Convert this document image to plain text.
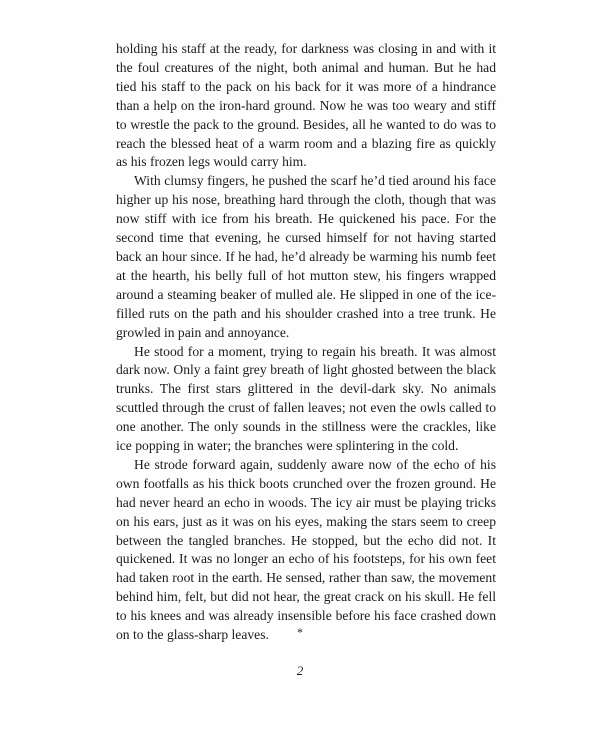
holding his staff at the ready, for darkness was closing in and with it the foul creatures of the night, both animal and human. But he had tied his staff to the pack on his back for it was more of a hindrance than a help on the iron-hard ground. Now he was too weary and stiff to wrestle the pack to the ground. Besides, all he wanted to do was to reach the blessed heat of a warm room and a blazing fire as quickly as his frozen legs would carry him.

With clumsy fingers, he pushed the scarf he’d tied around his face higher up his nose, breathing hard through the cloth, though that was now stiff with ice from his breath. He quickened his pace. For the second time that evening, he cursed himself for not having started back an hour since. If he had, he’d already be warming his numb feet at the hearth, his belly full of hot mutton stew, his fingers wrapped around a steaming beaker of mulled ale. He slipped in one of the ice-filled ruts on the path and his shoulder crashed into a tree trunk. He growled in pain and annoyance.

He stood for a moment, trying to regain his breath. It was almost dark now. Only a faint grey breath of light ghosted between the black trunks. The first stars glittered in the devil-dark sky. No animals scuttled through the crust of fallen leaves; not even the owls called to one another. The only sounds in the stillness were the crackles, like ice popping in water; the branches were splintering in the cold.

He strode forward again, suddenly aware now of the echo of his own footfalls as his thick boots crunched over the frozen ground. He had never heard an echo in woods. The icy air must be playing tricks on his ears, just as it was on his eyes, making the stars seem to creep between the tangled branches. He stopped, but the echo did not. It quickened. It was no longer an echo of his footsteps, for his own feet had taken root in the earth. He sensed, rather than saw, the movement behind him, felt, but did not hear, the great crack on his skull. He fell to his knees and was already insensible before his face crashed down on to the glass-sharp leaves.	*
2
